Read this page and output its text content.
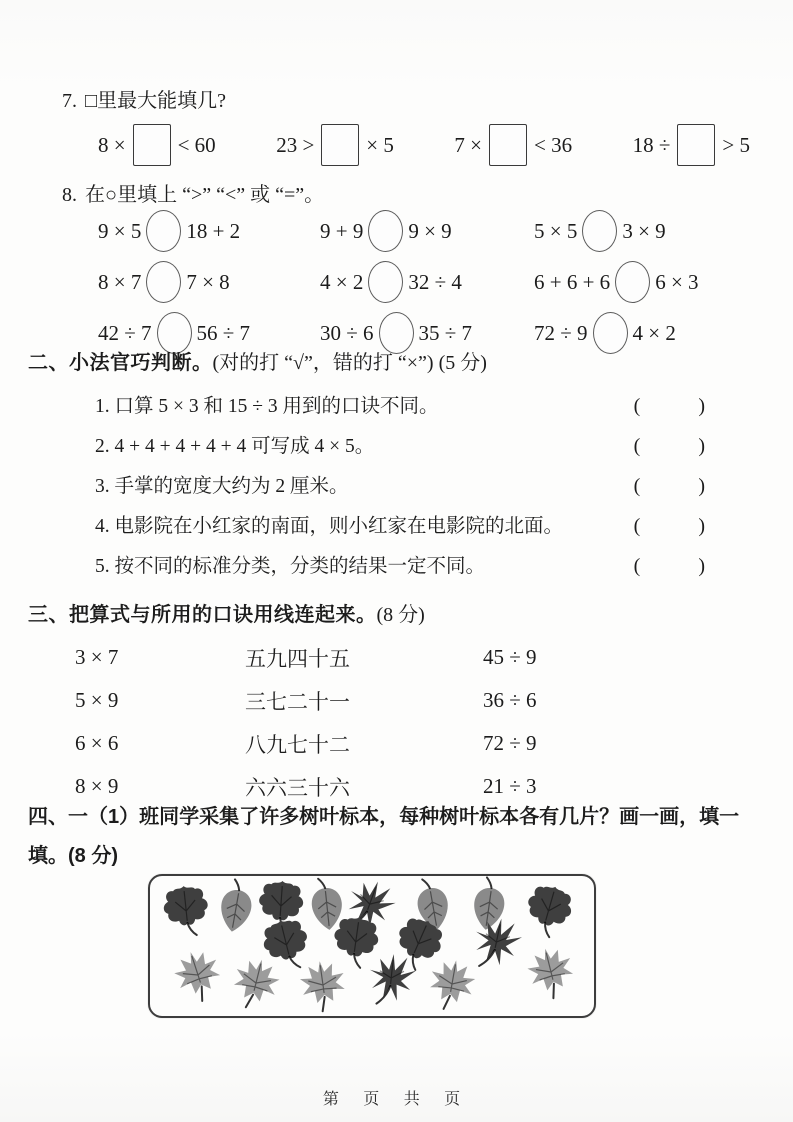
7. □里最大能填几?
8 × < 60	23 > × 5	7 × < 36	18 ÷ > 5
8. 在○里填上 “>” “<” 或 “=”。
9 × 5 18 + 2	9 + 9 9 × 9	5 × 5 3 × 9
8 × 7 7 × 8	4 × 2 32 ÷ 4	6 + 6 + 6 6 × 3
42 ÷ 7 56 ÷ 7	30 ÷ 6 35 ÷ 7	72 ÷ 9 4 × 2
二、小法官巧判断。(对的打 “√”，错的打 “×”) (5 分)
1. 口算 5 × 3 和 15 ÷ 3 用到的口诀不同。	(        )
2. 4 + 4 + 4 + 4 + 4 可写成 4 × 5。	(        )
3. 手掌的宽度大约为 2 厘米。	(        )
4. 电影院在小红家的南面，则小红家在电影院的北面。	(        )
5. 按不同的标准分类，分类的结果一定不同。	(        )
三、把算式与所用的口诀用线连起来。(8 分)
3 × 7	五九四十五	45 ÷ 9
5 × 9	三七二十一	36 ÷ 6
6 × 6	八九七十二	72 ÷ 9
8 × 9	六六三十六	21 ÷ 3
四、一（1）班同学采集了许多树叶标本，每种树叶标本各有几片？画一画，填一填。(8 分)
第 页 共 页
